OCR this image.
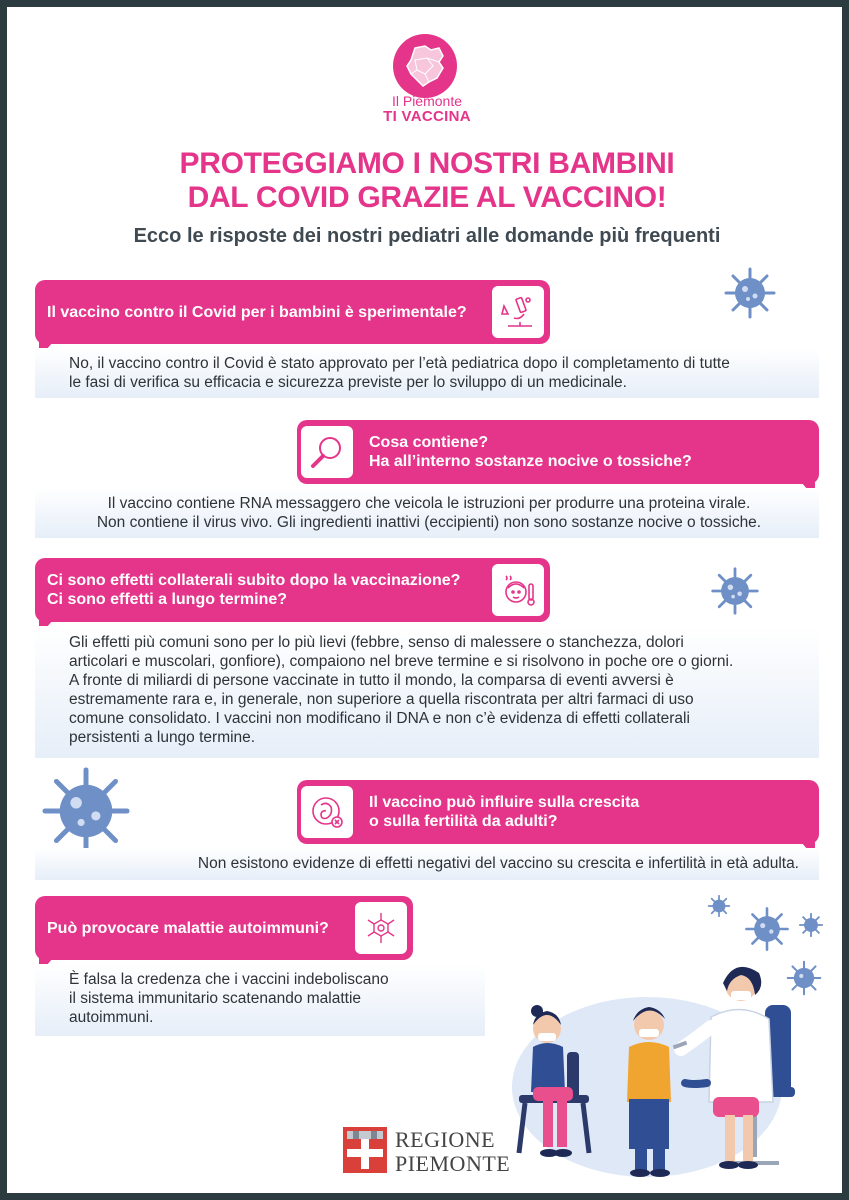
Il Piemonte
TI VACCINA
PROTEGGIAMO I NOSTRI BAMBINI
DAL COVID GRAZIE AL VACCINO!
Ecco le risposte dei nostri pediatri alle domande più frequenti
Il vaccino contro il Covid per i bambini è sperimentale?

No, il vaccino contro il Covid è stato approvato per l’età pediatrica dopo il completamento di tutte
le fasi di verifica su efficacia e sicurezza previste per lo sviluppo di un medicinale.

Cosa contiene?
Ha all’interno sostanze nocive o tossiche?

Il vaccino contiene RNA messaggero che veicola le istruzioni per produrre una proteina virale.
Non contiene il virus vivo. Gli ingredienti inattivi (eccipienti) non sono sostanze nocive o tossiche.

Ci sono effetti collaterali subito dopo la vaccinazione?
Ci sono effetti a lungo termine?

Gli effetti più comuni sono per lo più lievi (febbre, senso di malessere o stanchezza, dolori
articolari e muscolari, gonfiore), compaiono nel breve termine e si risolvono in poche ore o giorni.
A fronte di miliardi di persone vaccinate in tutto il mondo, la comparsa di eventi avversi è
estremamente rara e, in generale, non superiore a quella riscontrata per altri farmaci di uso
comune consolidato. I vaccini non modificano il DNA e non c’è evidenza di effetti collaterali
persistenti a lungo termine.

Il vaccino può influire sulla crescita
o sulla fertilità da adulti?

Non esistono evidenze di effetti negativi del vaccino su crescita e infertilità in età adulta.

Può provocare malattie autoimmuni?

È falsa la credenza che i vaccini indeboliscano
il sistema immunitario scatenando malattie
autoimmuni.

REGIONE
PIEMONTE
